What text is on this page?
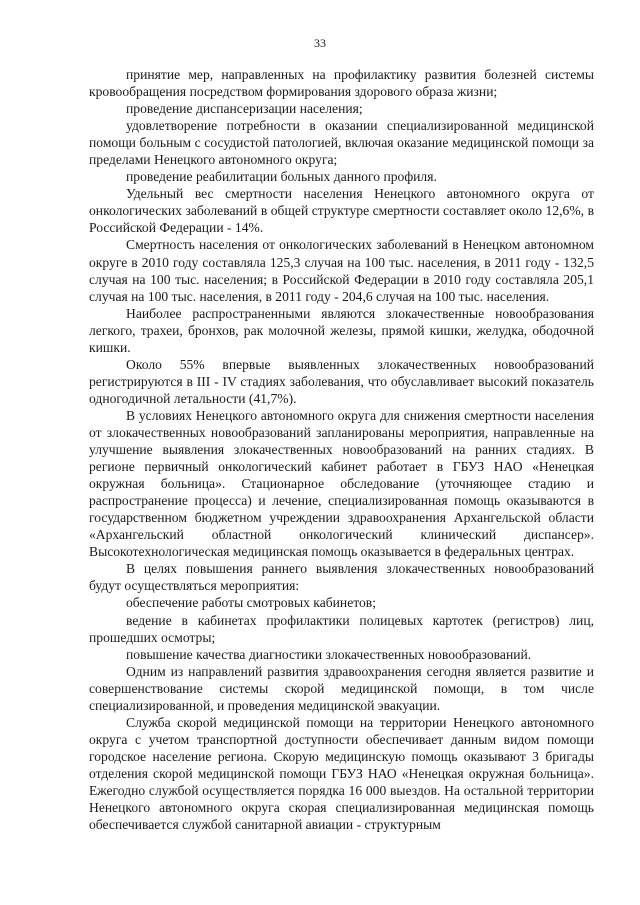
33

принятие мер, направленных на профилактику развития болезней системы кровообращения посредством формирования здорового образа жизни;

проведение диспансеризации населения;

удовлетворение потребности в оказании специализированной медицинской помощи больным с сосудистой патологией, включая оказание медицинской помощи за пределами Ненецкого автономного округа;

проведение реабилитации больных данного профиля.

Удельный вес смертности населения Ненецкого автономного округа от онкологических заболеваний в общей структуре смертности составляет около 12,6%, в Российской Федерации - 14%.

Смертность населения от онкологических заболеваний в Ненецком автономном округе в 2010 году составляла 125,3 случая на 100 тыс. населения, в 2011 году - 132,5 случая на 100 тыс. населения; в Российской Федерации в 2010 году составляла 205,1 случая на 100 тыс. населения, в 2011 году - 204,6 случая на 100 тыс. населения.

Наиболее распространенными являются злокачественные новообразования легкого, трахеи, бронхов, рак молочной железы, прямой кишки, желудка, ободочной кишки.

Около 55% впервые выявленных злокачественных новообразований регистрируются в III - IV стадиях заболевания, что обуславливает высокий показатель одногодичной летальности (41,7%).

В условиях Ненецкого автономного округа для снижения смертности населения от злокачественных новообразований запланированы мероприятия, направленные на улучшение выявления злокачественных новообразований на ранних стадиях. В регионе первичный онкологический кабинет работает в ГБУЗ НАО «Ненецкая окружная больница». Стационарное обследование (уточняющее стадию и распространение процесса) и лечение, специализированная помощь оказываются в государственном бюджетном учреждении здравоохранения Архангельской области «Архангельский областной онкологический клинический диспансер». Высокотехнологическая медицинская помощь оказывается в федеральных центрах.

В целях повышения раннего выявления злокачественных новообразований будут осуществляться мероприятия:

обеспечение работы смотровых кабинетов;

ведение в кабинетах профилактики полицевых картотек (регистров) лиц, прошедших осмотры;

повышение качества диагностики злокачественных новообразований.

Одним из направлений развития здравоохранения сегодня является развитие и совершенствование системы скорой медицинской помощи, в том числе специализированной, и проведения медицинской эвакуации.

Служба скорой медицинской помощи на территории Ненецкого автономного округа с учетом транспортной доступности обеспечивает данным видом помощи городское население региона. Скорую медицинскую помощь оказывают 3 бригады отделения скорой медицинской помощи ГБУЗ НАО «Ненецкая окружная больница». Ежегодно службой осуществляется порядка 16 000 выездов. На остальной территории Ненецкого автономного округа скорая специализированная медицинская помощь обеспечивается службой санитарной авиации - структурным
